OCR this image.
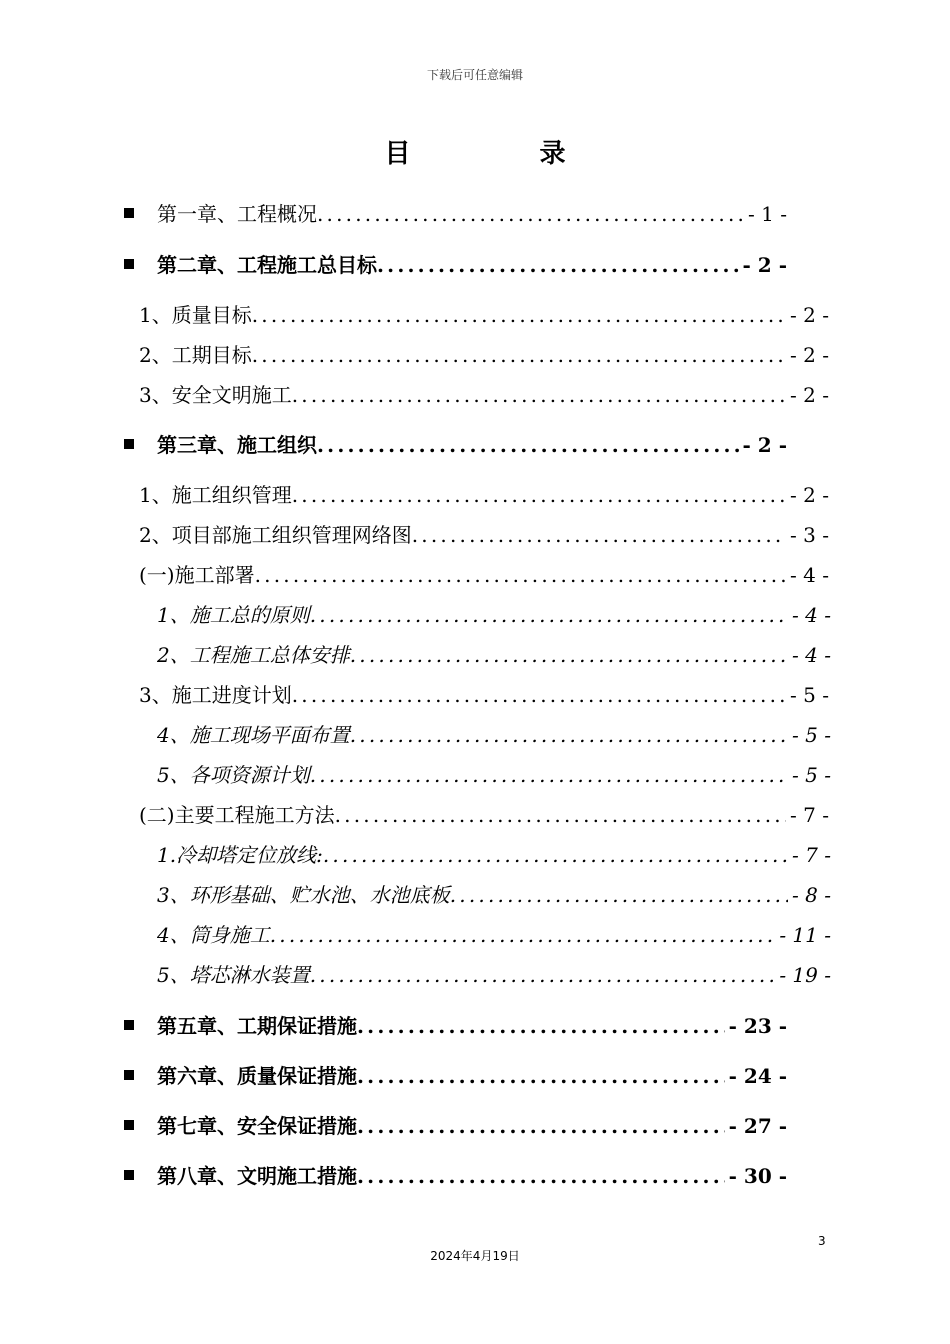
下载后可任意编辑
目 录
第一章、工程概况 .....	- 1 -
第二章、工程施工总目标 .....	- 2 -
1、质量目标 .....	- 2 -
2、工期目标 .....	- 2 -
3、安全文明施工 .....	- 2 -
第三章、施工组织 .....	- 2 -
1、施工组织管理 .....	- 2 -
2、项目部施工组织管理网络图 .....	- 3 -
(一)施工部署 .....	- 4 -
1、施工总的原则 .....	- 4 -
2、工程施工总体安排 .....	- 4 -
3、施工进度计划 .....	- 5 -
4、施工现场平面布置 .....	- 5 -
5、各项资源计划 .....	- 5 -
(二)主要工程施工方法 .....	- 7 -
1.冷却塔定位放线: .....	- 7 -
3、环形基础、贮水池、水池底板 .....	- 8 -
4、筒身施工 .....	- 11 -
5、塔芯淋水装置 .....	- 19 -
第五章、工期保证措施 .....	- 23 -
第六章、质量保证措施 .....	- 24 -
第七章、安全保证措施 .....	- 27 -
第八章、文明施工措施 .....	- 30 -
3
2024年4月19日
